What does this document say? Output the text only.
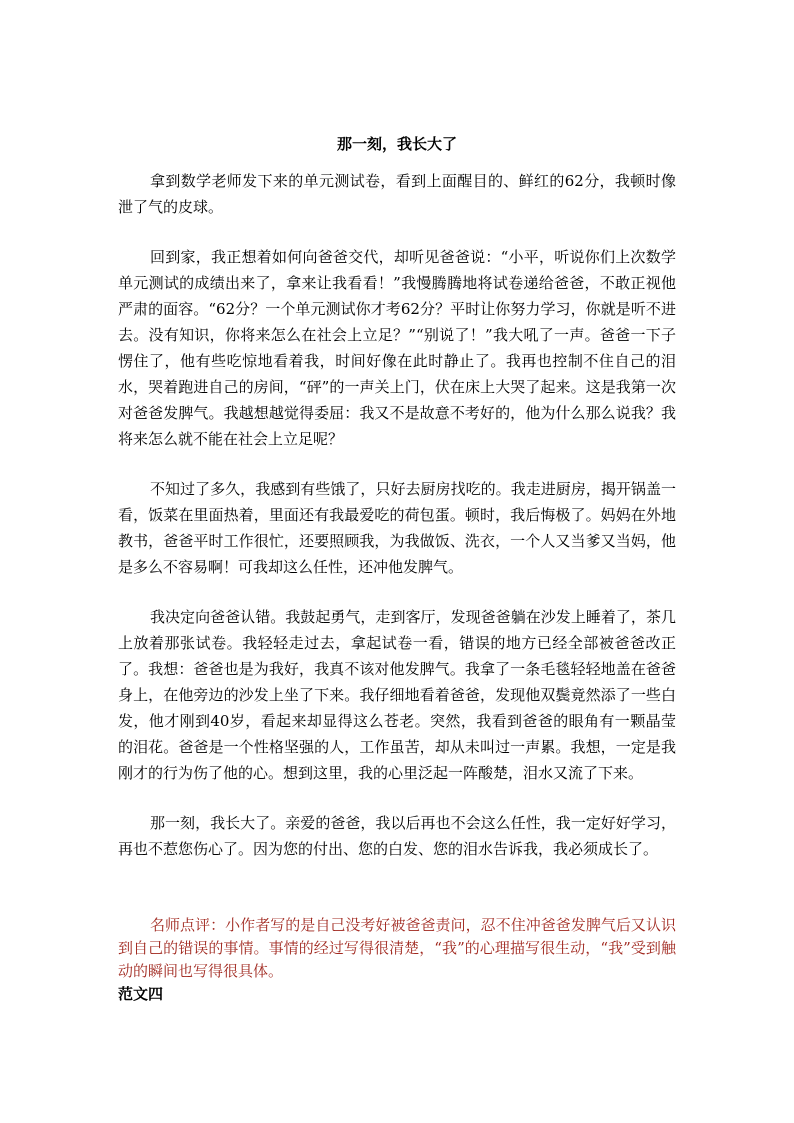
那一刻，我长大了

拿到数学老师发下来的单元测试卷，看到上面醒目的、鲜红的62分，我顿时像泄了气的皮球。

回到家，我正想着如何向爸爸交代，却听见爸爸说：“小平，听说你们上次数学单元测试的成绩出来了，拿来让我看看！”我慢腾腾地将试卷递给爸爸，不敢正视他严肃的面容。“62分？一个单元测试你才考62分？平时让你努力学习，你就是听不进去。没有知识，你将来怎么在社会上立足？”“别说了！”我大吼了一声。爸爸一下子愣住了，他有些吃惊地看着我，时间好像在此时静止了。我再也控制不住自己的泪水，哭着跑进自己的房间，“砰”的一声关上门，伏在床上大哭了起来。这是我第一次对爸爸发脾气。我越想越觉得委屈：我又不是故意不考好的，他为什么那么说我？我将来怎么就不能在社会上立足呢？

不知过了多久，我感到有些饿了，只好去厨房找吃的。我走进厨房，揭开锅盖一看，饭菜在里面热着，里面还有我最爱吃的荷包蛋。顿时，我后悔极了。妈妈在外地教书，爸爸平时工作很忙，还要照顾我，为我做饭、洗衣，一个人又当爹又当妈，他是多么不容易啊！可我却这么任性，还冲他发脾气。

我决定向爸爸认错。我鼓起勇气，走到客厅，发现爸爸躺在沙发上睡着了，茶几上放着那张试卷。我轻轻走过去，拿起试卷一看，错误的地方已经全部被爸爸改正了。我想：爸爸也是为我好，我真不该对他发脾气。我拿了一条毛毯轻轻地盖在爸爸身上，在他旁边的沙发上坐了下来。我仔细地看着爸爸，发现他双鬓竟然添了一些白发，他才刚到40岁，看起来却显得这么苍老。突然，我看到爸爸的眼角有一颗晶莹的泪花。爸爸是一个性格坚强的人，工作虽苦，却从未叫过一声累。我想，一定是我刚才的行为伤了他的心。想到这里，我的心里泛起一阵酸楚，泪水又流了下来。

那一刻，我长大了。亲爱的爸爸，我以后再也不会这么任性，我一定好好学习，再也不惹您伤心了。因为您的付出、您的白发、您的泪水告诉我，我必须成长了。

名师点评：小作者写的是自己没考好被爸爸责问，忍不住冲爸爸发脾气后又认识到自己的错误的事情。事情的经过写得很清楚，“我”的心理描写很生动，“我”受到触动的瞬间也写得很具体。

范文四
